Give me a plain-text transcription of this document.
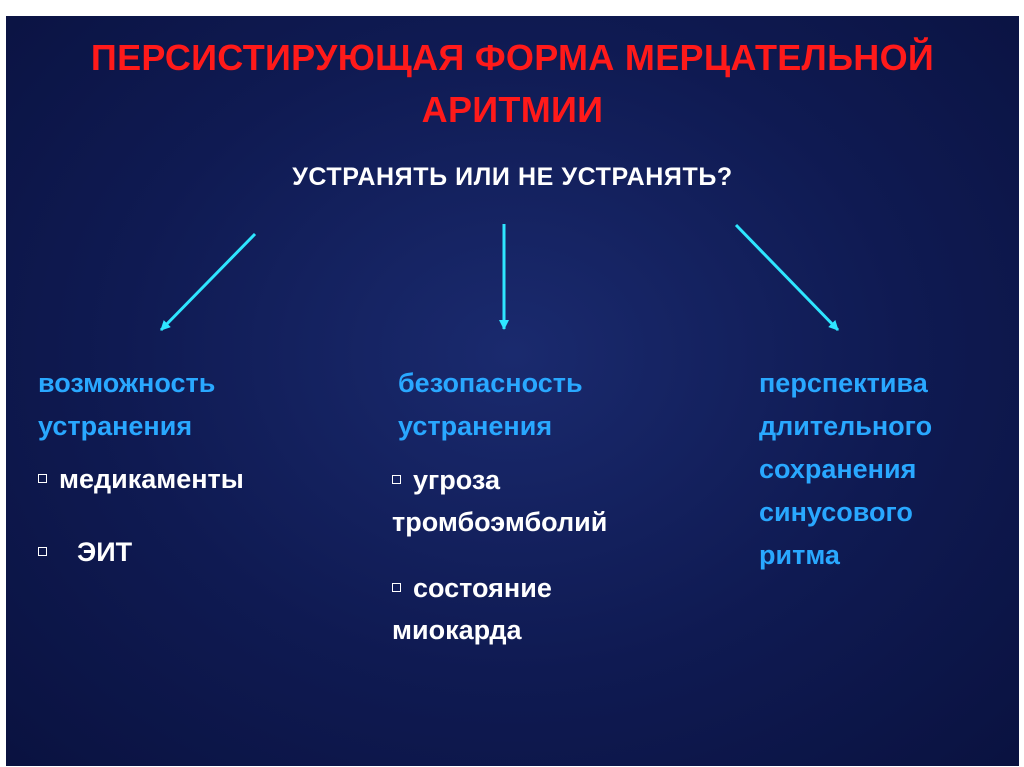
ПЕРСИСТИРУЮЩАЯ ФОРМА МЕРЦАТЕЛЬНОЙ
АРИТМИИ
УСТРАНЯТЬ ИЛИ НЕ УСТРАНЯТЬ?
возможность
устранения
медикаменты
ЭИТ
безопасность
устранения
угроза
тромбоэмболий
состояние
миокарда
перспектива
длительного
сохранения
синусового
ритма
